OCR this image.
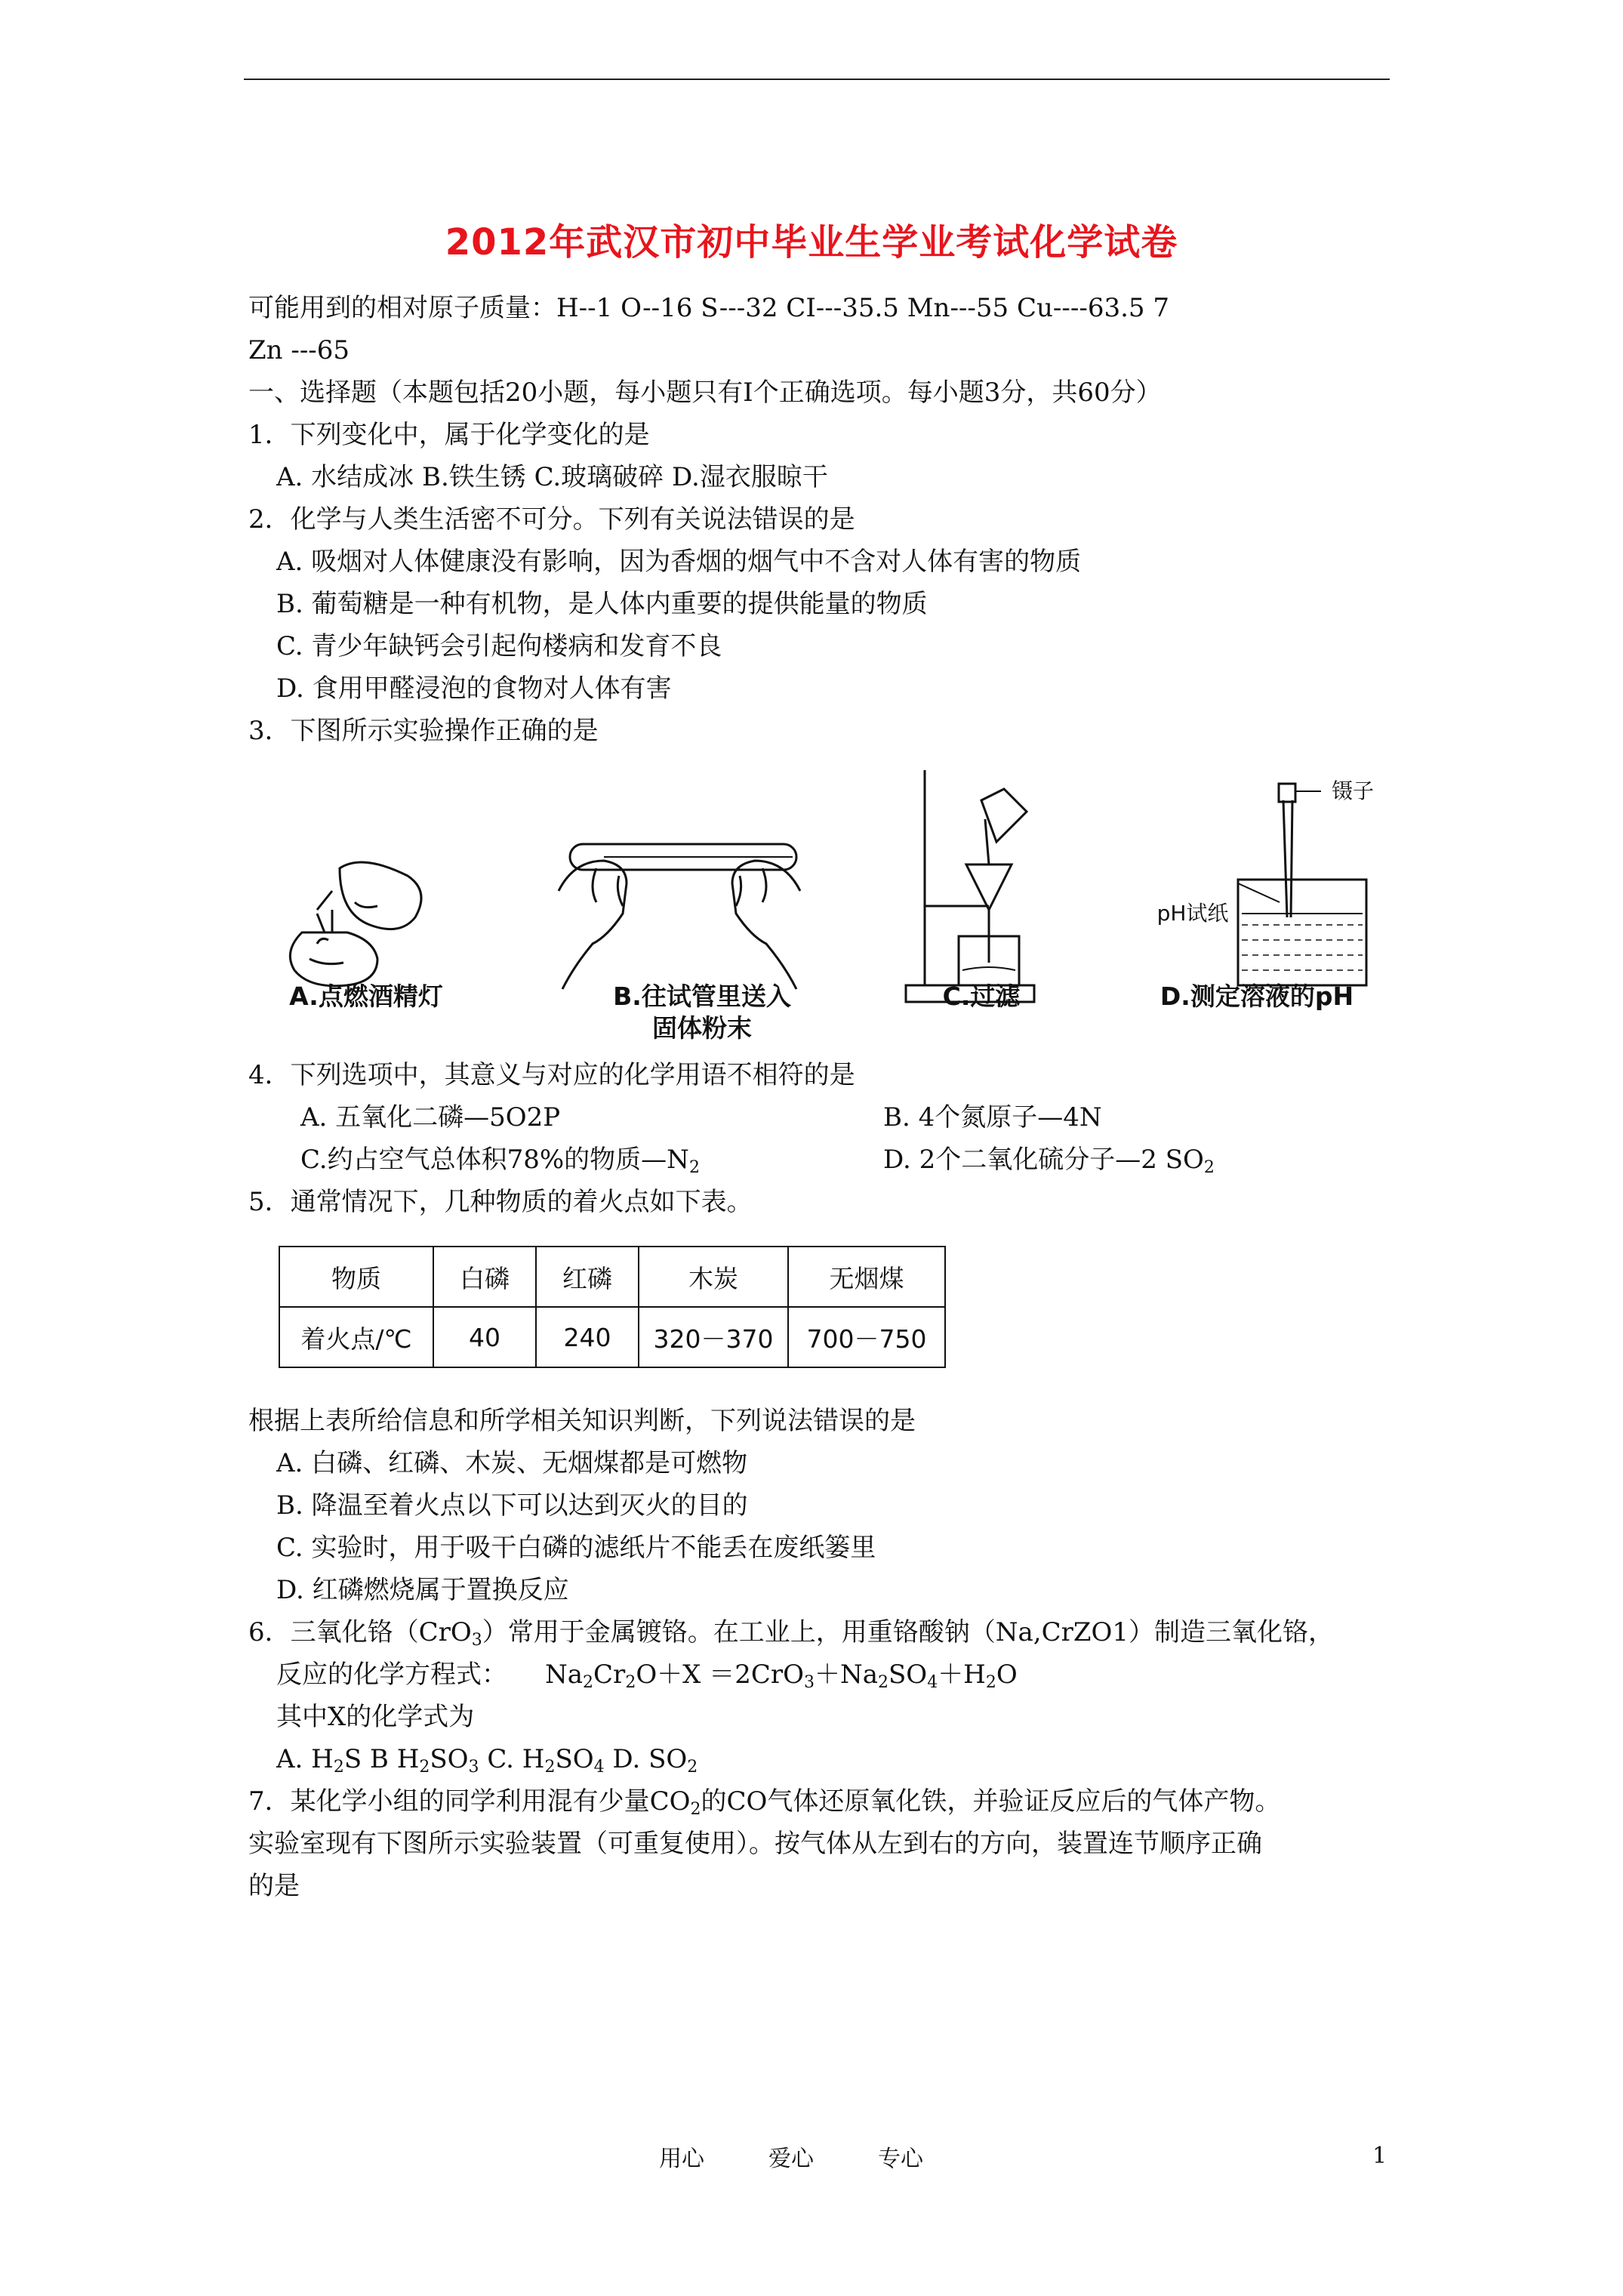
2012年武汉市初中毕业生学业考试化学试卷
可能用到的相对原子质量：H--1 O--16 S---32 CI---35.5 Mn---55 Cu----63.5 7
Zn ---65
一、选择题（本题包括20小题，每小题只有I个正确选项。每小题3分，共60分）
1．下列变化中，属于化学变化的是
A. 水结成冰 B.铁生锈 C.玻璃破碎 D.湿衣服晾干
2．化学与人类生活密不可分。下列有关说法错误的是
A. 吸烟对人体健康没有影响，因为香烟的烟气中不含对人体有害的物质
B. 葡萄糖是一种有机物，是人体内重要的提供能量的物质
C. 青少年缺钙会引起佝楼病和发育不良
D. 食用甲醛浸泡的食物对人体有害
3．下图所示实验操作正确的是
A.点燃酒精灯	B.往试管里送入
固体粉末
C.过滤	D.测定溶液的pH
镊子
pH试纸
4．下列选项中，其意义与对应的化学用语不相符的是
A. 五氧化二磷—5O2P	B. 4个氮原子—4N
C.约占空气总体积78%的物质$—N_2$	D. 2个二氧化硫分子—2 $SO_2$
5．通常情况下，几种物质的着火点如下表。
物质	白磷	红磷	木炭	无烟煤
着火点/℃	40	240	320－370	700－750
根据上表所给信息和所学相关知识判断，下列说法错误的是
A. 白磷、红磷、木炭、无烟煤都是可燃物
B. 降温至着火点以下可以达到灭火的目的
C. 实验时，用于吸干白磷的滤纸片不能丢在废纸篓里
D. 红磷燃烧属于置换反应
6．三氧化铬（CrO$_3$）常用于金属镀铬。在工业上，用重铬酸钠（Na,CrZO1）制造三氧化铬，
反应的化学方程式： $Na_2Cr_2O+X =2CrO_3+Na_2SO_4+H_2O$
其中X的化学式为
A. $H_2S$ B $H_2SO_3$ C. $H_2SO_4$ D. $SO_2$
7．某化学小组的同学利用混有少量$CO_2$的CO气体还原氧化铁，并验证反应后的气体产物。
实验室现有下图所示实验装置（可重复使用）。按气体从左到右的方向，装置连节顺序正确
的是
用心	爱心	专心	1
